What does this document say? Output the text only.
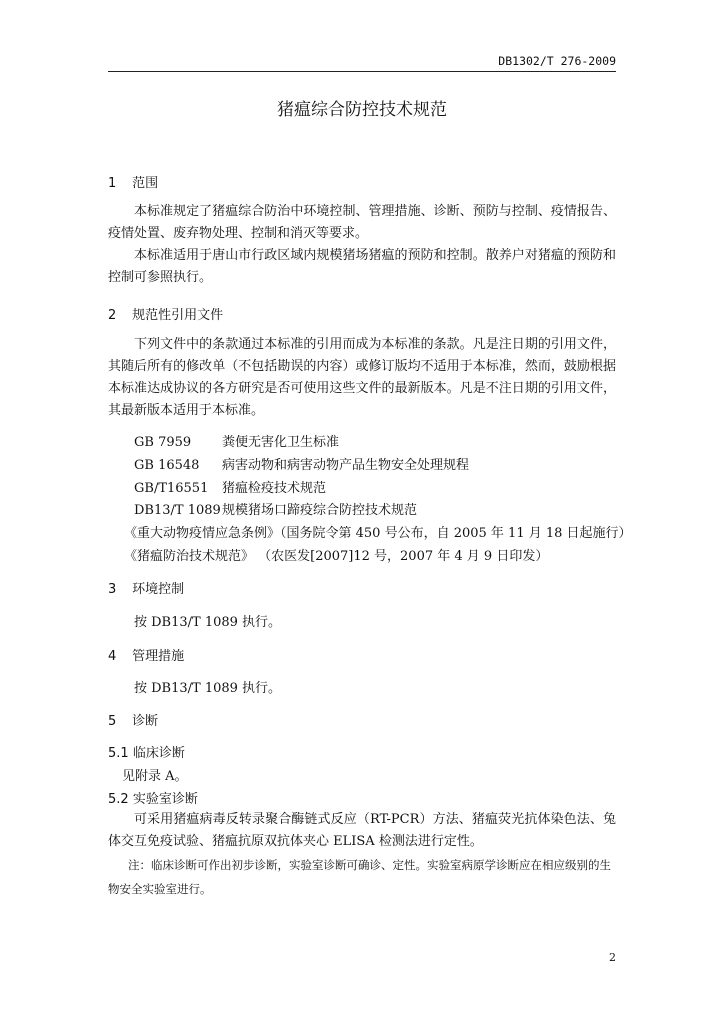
DB1302/T 276-2009
猪瘟综合防控技术规范
1 范围
本标准规定了猪瘟综合防治中环境控制、管理措施、诊断、预防与控制、疫情报告、疫情处置、废弃物处理、控制和消灭等要求。
本标准适用于唐山市行政区域内规模猪场猪瘟的预防和控制。散养户对猪瘟的预防和控制可参照执行。
2 规范性引用文件
下列文件中的条款通过本标准的引用而成为本标准的条款。凡是注日期的引用文件，其随后所有的修改单（不包括勘误的内容）或修订版均不适用于本标准，然而，鼓励根据本标准达成协议的各方研究是否可使用这些文件的最新版本。凡是不注日期的引用文件，其最新版本适用于本标准。
GB 7959 粪便无害化卫生标准
GB 16548 病害动物和病害动物产品生物安全处理规程
GB/T16551 猪瘟检疫技术规范
DB13/T 1089规模猪场口蹄疫综合防控技术规范
《重大动物疫情应急条例》（国务院令第 450 号公布，自 2005 年 11 月 18 日起施行）
《猪瘟防治技术规范》 （农医发[2007]12 号，2007 年 4 月 9 日印发）
3 环境控制
按 DB13/T 1089 执行。
4 管理措施
按 DB13/T 1089 执行。
5 诊断
5.1 临床诊断
见附录 A。
5.2 实验室诊断
可采用猪瘟病毒反转录聚合酶链式反应（RT-PCR）方法、猪瘟荧光抗体染色法、兔体交互免疫试验、猪瘟抗原双抗体夹心 ELISA 检测法进行定性。
注：临床诊断可作出初步诊断，实验室诊断可确诊、定性。实验室病原学诊断应在相应级别的生物安全实验室进行。
2
